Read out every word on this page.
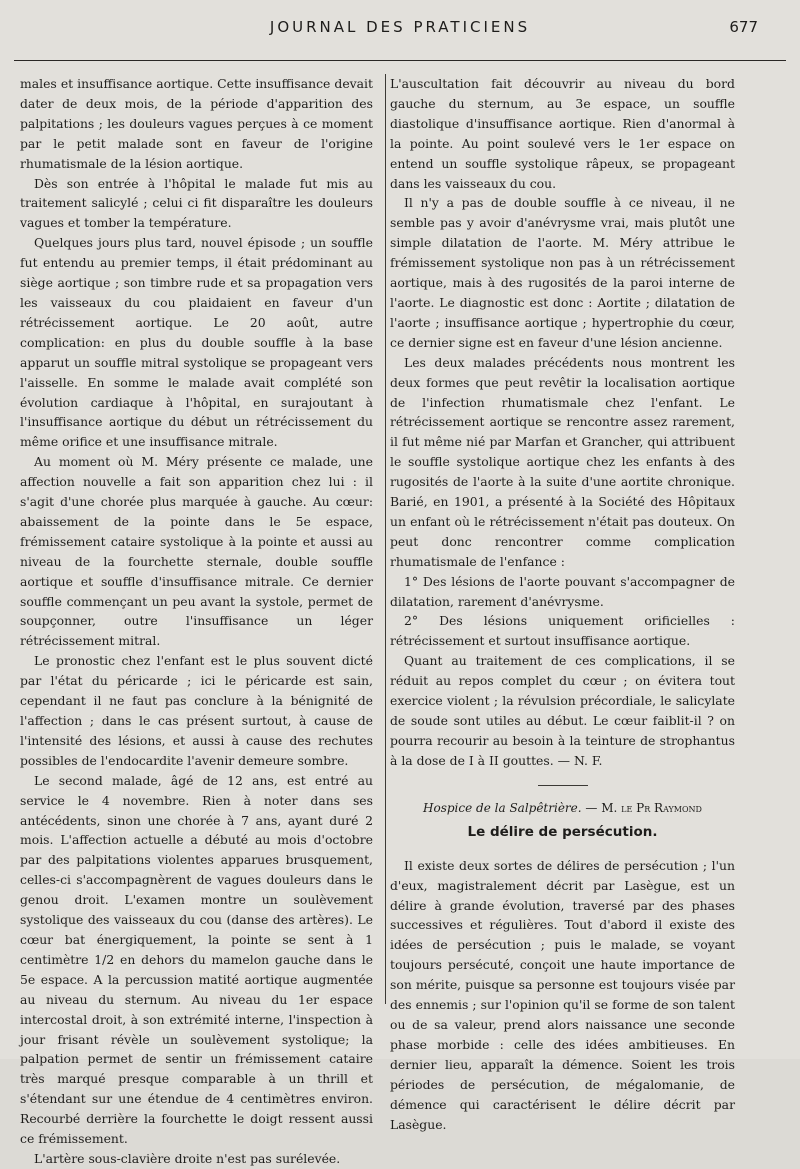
JOURNAL DES PRATICIENS	677

males et insuffisance aortique. Cette insuffisance devait dater de deux mois, de la période d'apparition des palpitations ; les douleurs vagues perçues à ce moment par le petit malade sont en faveur de l'origine rhumatismale de la lésion aortique.

Dès son entrée à l'hôpital le malade fut mis au traitement salicylé ; celui ci fit disparaître les douleurs vagues et tomber la température.

Quelques jours plus tard, nouvel épisode ; un souffle fut entendu au premier temps, il était prédominant au siège aortique ; son timbre rude et sa propagation vers les vaisseaux du cou plaidaient en faveur d'un rétrécissement aortique. Le 20 août, autre complication: en plus du double souffle à la base apparut un souffle mitral systolique se propageant vers l'aisselle. En somme le malade avait complété son évolution cardiaque à l'hôpital, en surajoutant à l'insuffisance aortique du début un rétrécissement du même orifice et une insuffisance mitrale.

Au moment où M. Méry présente ce malade, une affection nouvelle a fait son apparition chez lui : il s'agit d'une chorée plus marquée à gauche. Au cœur: abaissement de la pointe dans le 5e espace, frémissement cataire systolique à la pointe et aussi au niveau de la fourchette sternale, double souffle aortique et souffle d'insuffisance mitrale. Ce dernier souffle commençant un peu avant la systole, permet de soupçonner, outre l'insuffisance un léger rétrécissement mitral.

Le pronostic chez l'enfant est le plus souvent dicté par l'état du péricarde ; ici le péricarde est sain, cependant il ne faut pas conclure à la bénignité de l'affection ; dans le cas présent surtout, à cause de l'intensité des lésions, et aussi à cause des rechutes possibles de l'endocardite l'avenir demeure sombre.

Le second malade, âgé de 12 ans, est entré au service le 4 novembre. Rien à noter dans ses antécédents, sinon une chorée à 7 ans, ayant duré 2 mois. L'affection actuelle a débuté au mois d'octobre par des palpitations violentes apparues brusquement, celles-ci s'accompagnèrent de vagues douleurs dans le genou droit. L'examen montre un soulèvement systolique des vaisseaux du cou (danse des artères). Le cœur bat énergiquement, la pointe se sent à 1 centimètre 1/2 en dehors du mamelon gauche dans le 5e espace. A la percussion matité aortique augmentée au niveau du sternum. Au niveau du 1er espace intercostal droit, à son extrémité interne, l'inspection à jour frisant révèle un soulèvement systolique; la palpation permet de sentir un frémissement cataire très marqué presque comparable à un thrill et s'étendant sur une étendue de 4 centimètres environ. Recourbé derrière la fourchette le doigt ressent aussi ce frémissement.

L'artère sous-clavière droite n'est pas surélevée.

L'auscultation fait découvrir au niveau du bord gauche du sternum, au 3e espace, un souffle diastolique d'insuffisance aortique. Rien d'anormal à la pointe. Au point soulevé vers le 1er espace on entend un souffle systolique râpeux, se propageant dans les vaisseaux du cou.

Il n'y a pas de double souffle à ce niveau, il ne semble pas y avoir d'anévrysme vrai, mais plutôt une simple dilatation de l'aorte. M. Méry attribue le frémissement systolique non pas à un rétrécissement aortique, mais à des rugosités de la paroi interne de l'aorte. Le diagnostic est donc : Aortite ; dilatation de l'aorte ; insuffisance aortique ; hypertrophie du cœur, ce dernier signe est en faveur d'une lésion ancienne.

Les deux malades précédents nous montrent les deux formes que peut revêtir la localisation aortique de l'infection rhumatismale chez l'enfant. Le rétrécissement aortique se rencontre assez rarement, il fut même nié par Marfan et Grancher, qui attribuent le souffle systolique aortique chez les enfants à des rugosités de l'aorte à la suite d'une aortite chronique. Barié, en 1901, a présenté à la Société des Hôpitaux un enfant où le rétrécissement n'était pas douteux. On peut donc rencontrer comme complication rhumatismale de l'enfance :

1° Des lésions de l'aorte pouvant s'accompagner de dilatation, rarement d'anévrysme.

2° Des lésions uniquement orificielles : rétrécissement et surtout insuffisance aortique.

Quant au traitement de ces complications, il se réduit au repos complet du cœur ; on évitera tout exercice violent ; la révulsion précordiale, le salicylate de soude sont utiles au début. Le cœur faiblit-il ? on pourra recourir au besoin à la teinture de strophantus à la dose de I à II gouttes. — N. F.

Hospice de la Salpêtrière. — M. le Pr Raymond

Le délire de persécution.

Il existe deux sortes de délires de persécution ; l'un d'eux, magistralement décrit par Lasègue, est un délire à grande évolution, traversé par des phases successives et régulières. Tout d'abord il existe des idées de persécution ; puis le malade, se voyant toujours persécuté, conçoit une haute importance de son mérite, puisque sa personne est toujours visée par des ennemis ; sur l'opinion qu'il se forme de son talent ou de sa valeur, prend alors naissance une seconde phase morbide : celle des idées ambitieuses. En dernier lieu, apparaît la démence. Soient les trois périodes de persécution, de mégalomanie, de démence qui caractérisent le délire décrit par Lasègue.
